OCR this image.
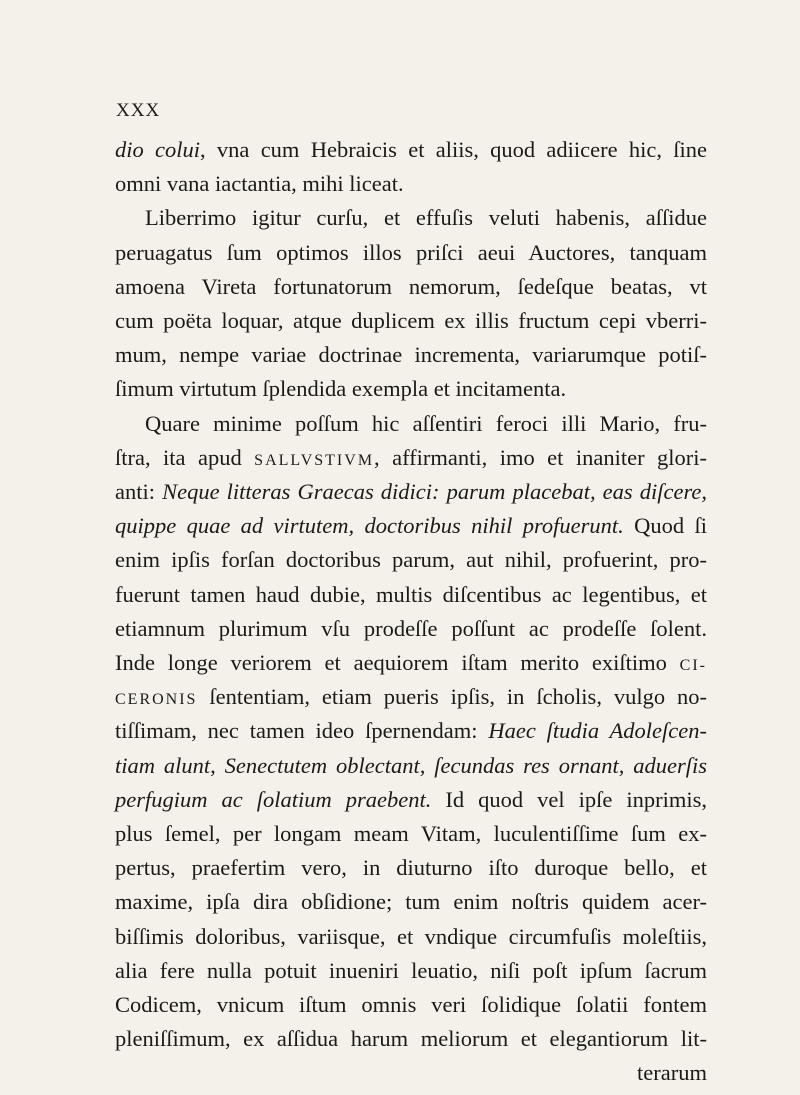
XXX
dio colui, vna cum Hebraicis et aliis, quod adiicere hic, ſine
omni vana iactantia, mihi liceat.
Liberrimo igitur curſu, et effuſis veluti habenis, aſſidue
peruagatus ſum optimos illos priſci aeui Auctores, tanquam
amoena Vireta fortunatorum nemorum, ſedeſque beatas, vt
cum poëta loquar, atque duplicem ex illis fructum cepi vberri-
mum, nempe variae doctrinae incrementa, variarumque potiſ-
ſimum virtutum ſplendida exempla et incitamenta.
Quare minime poſſum hic aſſentiri feroci illi Mario, fru-
ſtra, ita apud SALLVSTIVM, affirmanti, imo et inaniter glori-
anti: Neque litteras Graecas didici: parum placebat, eas diſcere,
quippe quae ad virtutem, doctoribus nihil profuerunt. Quod ſi
enim ipſis forſan doctoribus parum, aut nihil, profuerint, pro-
fuerunt tamen haud dubie, multis diſcentibus ac legentibus, et
etiamnum plurimum vſu prodeſſe poſſunt ac prodeſſe ſolent.
Inde longe veriorem et aequiorem iſtam merito exiſtimo CI-
CERONIS ſententiam, etiam pueris ipſis, in ſcholis, vulgo no-
tiſſimam, nec tamen ideo ſpernendam: Haec ſtudia Adoleſcen-
tiam alunt, Senectutem oblectant, ſecundas res ornant, aduerſis
perfugium ac ſolatium praebent. Id quod vel ipſe inprimis,
plus ſemel, per longam meam Vitam, luculentiſſime ſum ex-
pertus, praefertim vero, in diuturno iſto duroque bello, et
maxime, ipſa dira obſidione; tum enim noſtris quidem acer-
biſſimis doloribus, variisque, et vndique circumfuſis moleſtiis,
alia fere nulla potuit inueniri leuatio, niſi poſt ipſum ſacrum
Codicem, vnicum iſtum omnis veri ſolidique ſolatii fontem
pleniſſimum, ex aſſidua harum meliorum et elegantiorum lit-
terarum
